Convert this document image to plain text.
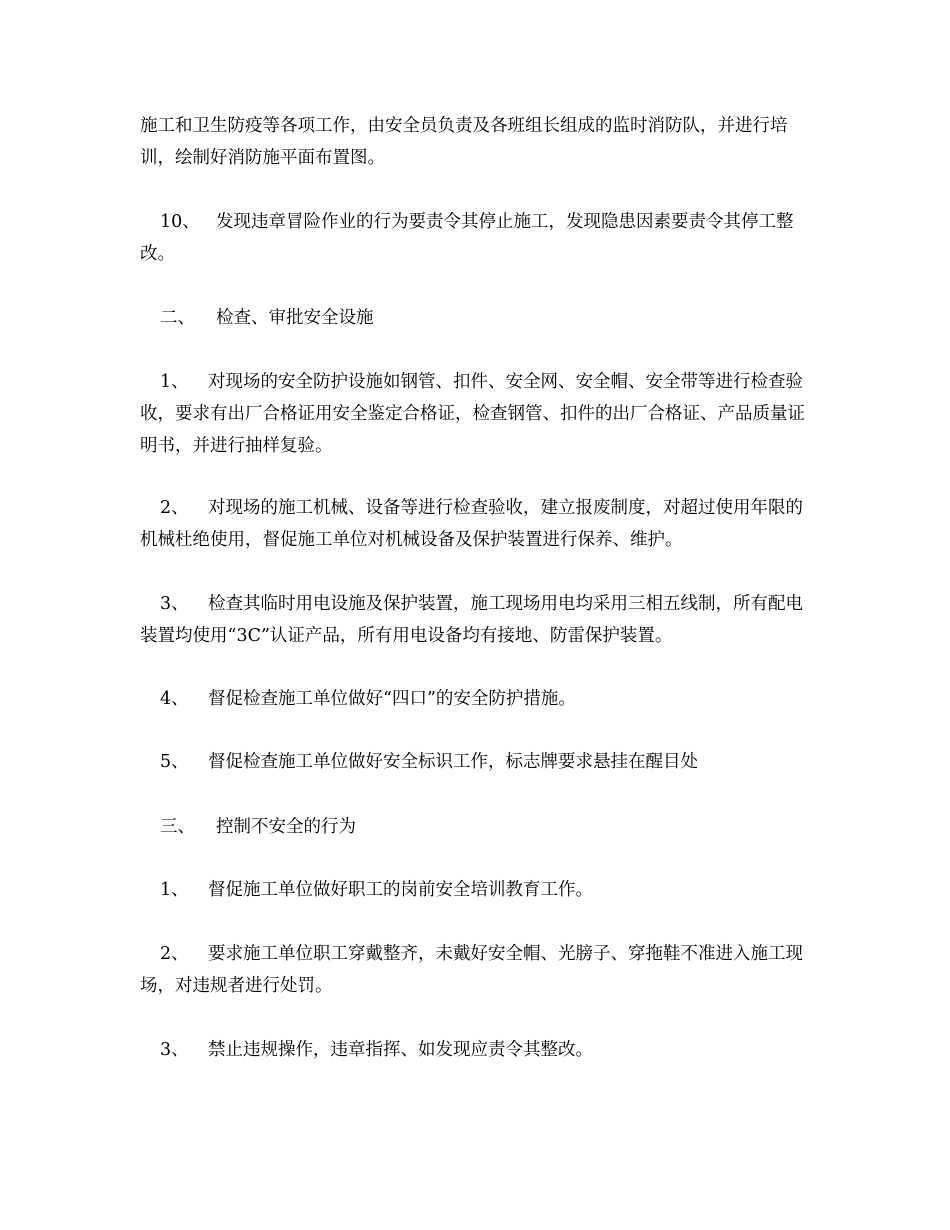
施工和卫生防疫等各项工作，由安全员负责及各班组长组成的监时消防队，并进行培训，绘制好消防施平面布置图。

10、 发现违章冒险作业的行为要责令其停止施工，发现隐患因素要责令其停工整改。

二、 检查、审批安全设施

1、 对现场的安全防护设施如钢管、扣件、安全网、安全帽、安全带等进行检查验收，要求有出厂合格证用安全鉴定合格证，检查钢管、扣件的出厂合格证、产品质量证明书，并进行抽样复验。

2、 对现场的施工机械、设备等进行检查验收，建立报废制度，对超过使用年限的机械杜绝使用，督促施工单位对机械设备及保护装置进行保养、维护。

3、 检查其临时用电设施及保护装置，施工现场用电均采用三相五线制，所有配电装置均使用“3C”认证产品，所有用电设备均有接地、防雷保护装置。

4、 督促检查施工单位做好“四口”的安全防护措施。

5、 督促检查施工单位做好安全标识工作，标志牌要求悬挂在醒目处

三、 控制不安全的行为

1、 督促施工单位做好职工的岗前安全培训教育工作。

2、 要求施工单位职工穿戴整齐，未戴好安全帽、光膀子、穿拖鞋不准进入施工现场，对违规者进行处罚。

3、 禁止违规操作，违章指挥、如发现应责令其整改。
